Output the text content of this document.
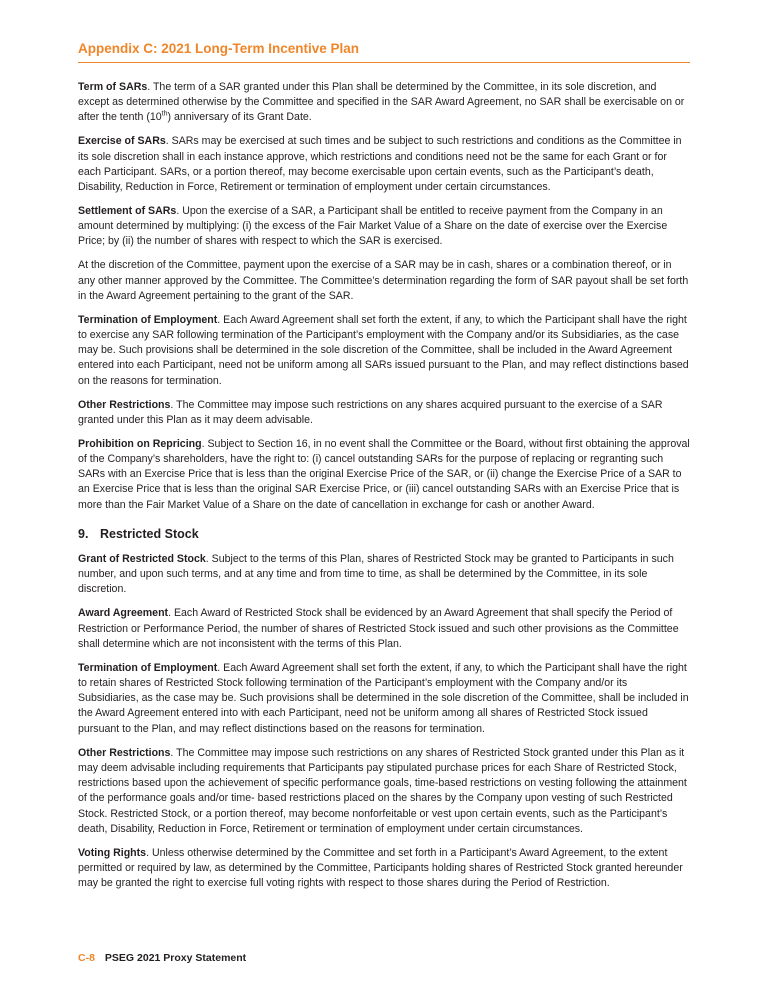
Appendix C: 2021 Long-Term Incentive Plan

Term of SARs. The term of a SAR granted under this Plan shall be determined by the Committee, in its sole discretion, and except as determined otherwise by the Committee and specified in the SAR Award Agreement, no SAR shall be exercisable on or after the tenth (10th) anniversary of its Grant Date.

Exercise of SARs. SARs may be exercised at such times and be subject to such restrictions and conditions as the Committee in its sole discretion shall in each instance approve, which restrictions and conditions need not be the same for each Grant or for each Participant. SARs, or a portion thereof, may become exercisable upon certain events, such as the Participant’s death, Disability, Reduction in Force, Retirement or termination of employment under certain circumstances.

Settlement of SARs. Upon the exercise of a SAR, a Participant shall be entitled to receive payment from the Company in an amount determined by multiplying: (i) the excess of the Fair Market Value of a Share on the date of exercise over the Exercise Price; by (ii) the number of shares with respect to which the SAR is exercised.

At the discretion of the Committee, payment upon the exercise of a SAR may be in cash, shares or a combination thereof, or in any other manner approved by the Committee. The Committee’s determination regarding the form of SAR payout shall be set forth in the Award Agreement pertaining to the grant of the SAR.

Termination of Employment. Each Award Agreement shall set forth the extent, if any, to which the Participant shall have the right to exercise any SAR following termination of the Participant’s employment with the Company and/or its Subsidiaries, as the case may be. Such provisions shall be determined in the sole discretion of the Committee, shall be included in the Award Agreement entered into each Participant, need not be uniform among all SARs issued pursuant to the Plan, and may reflect distinctions based on the reasons for termination.

Other Restrictions. The Committee may impose such restrictions on any shares acquired pursuant to the exercise of a SAR granted under this Plan as it may deem advisable.

Prohibition on Repricing. Subject to Section 16, in no event shall the Committee or the Board, without first obtaining the approval of the Company’s shareholders, have the right to: (i) cancel outstanding SARs for the purpose of replacing or regranting such SARs with an Exercise Price that is less than the original Exercise Price of the SAR, or (ii) change the Exercise Price of a SAR to an Exercise Price that is less than the original SAR Exercise Price, or (iii) cancel outstanding SARs with an Exercise Price that is more than the Fair Market Value of a Share on the date of cancellation in exchange for cash or another Award.

9. Restricted Stock

Grant of Restricted Stock. Subject to the terms of this Plan, shares of Restricted Stock may be granted to Participants in such number, and upon such terms, and at any time and from time to time, as shall be determined by the Committee, in its sole discretion.

Award Agreement. Each Award of Restricted Stock shall be evidenced by an Award Agreement that shall specify the Period of Restriction or Performance Period, the number of shares of Restricted Stock issued and such other provisions as the Committee shall determine which are not inconsistent with the terms of this Plan.

Termination of Employment. Each Award Agreement shall set forth the extent, if any, to which the Participant shall have the right to retain shares of Restricted Stock following termination of the Participant’s employment with the Company and/or its Subsidiaries, as the case may be. Such provisions shall be determined in the sole discretion of the Committee, shall be included in the Award Agreement entered into with each Participant, need not be uniform among all shares of Restricted Stock issued pursuant to the Plan, and may reflect distinctions based on the reasons for termination.

Other Restrictions. The Committee may impose such restrictions on any shares of Restricted Stock granted under this Plan as it may deem advisable including requirements that Participants pay stipulated purchase prices for each Share of Restricted Stock, restrictions based upon the achievement of specific performance goals, time-based restrictions on vesting following the attainment of the performance goals and/or time- based restrictions placed on the shares by the Company upon vesting of such Restricted Stock. Restricted Stock, or a portion thereof, may become nonforfeitable or vest upon certain events, such as the Participant’s death, Disability, Reduction in Force, Retirement or termination of employment under certain circumstances.

Voting Rights. Unless otherwise determined by the Committee and set forth in a Participant’s Award Agreement, to the extent permitted or required by law, as determined by the Committee, Participants holding shares of Restricted Stock granted hereunder may be granted the right to exercise full voting rights with respect to those shares during the Period of Restriction.

C-8 PSEG 2021 Proxy Statement
